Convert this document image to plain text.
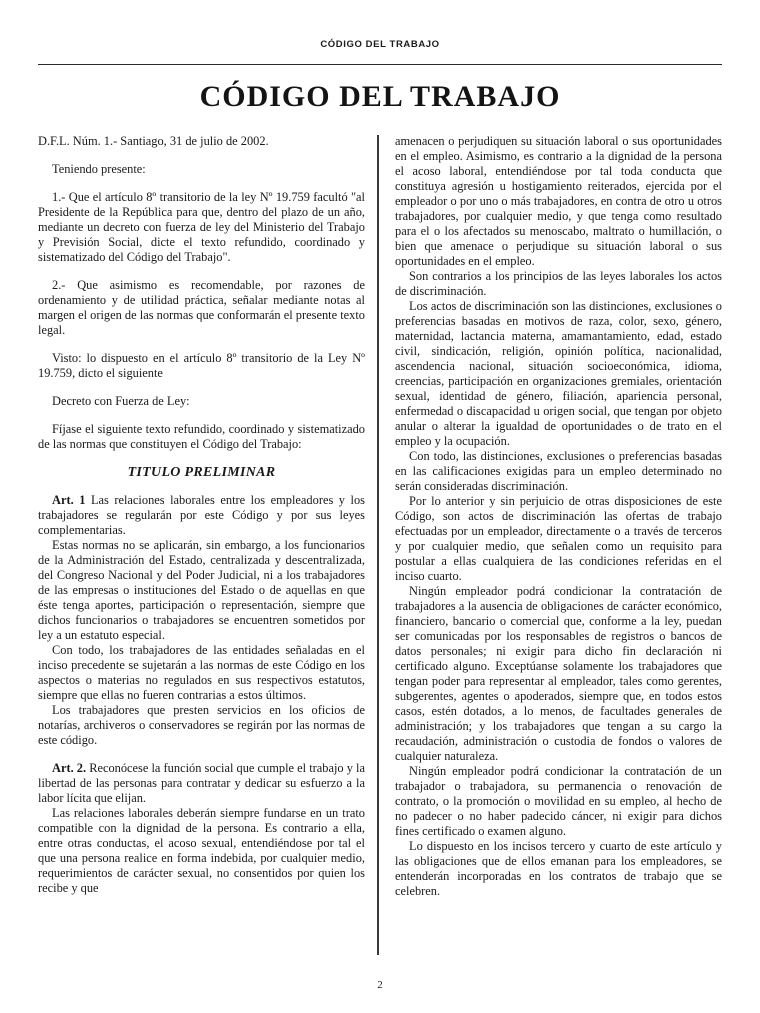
CÓDIGO DEL TRABAJO
CÓDIGO DEL TRABAJO

D.F.L. Núm. 1.- Santiago, 31 de julio de 2002.

Teniendo presente:

1.- Que el artículo 8º transitorio de la ley Nº 19.759 facultó "al Presidente de la República para que, dentro del plazo de un año, mediante un decreto con fuerza de ley del Ministerio del Trabajo y Previsión Social, dicte el texto refundido, coordinado y sistematizado del Código del Trabajo".

2.- Que asimismo es recomendable, por razones de ordenamiento y de utilidad práctica, señalar mediante notas al margen el origen de las normas que conformarán el presente texto legal.

Visto: lo dispuesto en el artículo 8º transitorio de la Ley Nº 19.759, dicto el siguiente

Decreto con Fuerza de Ley:

Fíjase el siguiente texto refundido, coordinado y sistematizado de las normas que constituyen el Código del Trabajo:

TITULO PRELIMINAR

Art. 1 Las relaciones laborales entre los empleadores y los trabajadores se regularán por este Código y por sus leyes complementarias.

Estas normas no se aplicarán, sin embargo, a los funcionarios de la Administración del Estado, centralizada y descentralizada, del Congreso Nacional y del Poder Judicial, ni a los trabajadores de las empresas o instituciones del Estado o de aquellas en que éste tenga aportes, participación o representación, siempre que dichos funcionarios o trabajadores se encuentren sometidos por ley a un estatuto especial.

Con todo, los trabajadores de las entidades señaladas en el inciso precedente se sujetarán a las normas de este Código en los aspectos o materias no regulados en sus respectivos estatutos, siempre que ellas no fueren contrarias a estos últimos.

Los trabajadores que presten servicios en los oficios de notarías, archiveros o conservadores se regirán por las normas de este código.

Art. 2. Reconócese la función social que cumple el trabajo y la libertad de las personas para contratar y dedicar su esfuerzo a la labor lícita que elijan.

Las relaciones laborales deberán siempre fundarse en un trato compatible con la dignidad de la persona. Es contrario a ella, entre otras conductas, el acoso sexual, entendiéndose por tal el que una persona realice en forma indebida, por cualquier medio, requerimientos de carácter sexual, no consentidos por quien los recibe y que

amenacen o perjudiquen su situación laboral o sus oportunidades en el empleo. Asimismo, es contrario a la dignidad de la persona el acoso laboral, entendiéndose por tal toda conducta que constituya agresión u hostigamiento reiterados, ejercida por el empleador o por uno o más trabajadores, en contra de otro u otros trabajadores, por cualquier medio, y que tenga como resultado para el o los afectados su menoscabo, maltrato o humillación, o bien que amenace o perjudique su situación laboral o sus oportunidades en el empleo.

Son contrarios a los principios de las leyes laborales los actos de discriminación.

Los actos de discriminación son las distinciones, exclusiones o preferencias basadas en motivos de raza, color, sexo, género, maternidad, lactancia materna, amamantamiento, edad, estado civil, sindicación, religión, opinión política, nacionalidad, ascendencia nacional, situación socioeconómica, idioma, creencias, participación en organizaciones gremiales, orientación sexual, identidad de género, filiación, apariencia personal, enfermedad o discapacidad u origen social, que tengan por objeto anular o alterar la igualdad de oportunidades o de trato en el empleo y la ocupación.

Con todo, las distinciones, exclusiones o preferencias basadas en las calificaciones exigidas para un empleo determinado no serán consideradas discriminación.

Por lo anterior y sin perjuicio de otras disposiciones de este Código, son actos de discriminación las ofertas de trabajo efectuadas por un empleador, directamente o a través de terceros y por cualquier medio, que señalen como un requisito para postular a ellas cualquiera de las condiciones referidas en el inciso cuarto.

Ningún empleador podrá condicionar la contratación de trabajadores a la ausencia de obligaciones de carácter económico, financiero, bancario o comercial que, conforme a la ley, puedan ser comunicadas por los responsables de registros o bancos de datos personales; ni exigir para dicho fin declaración ni certificado alguno. Exceptúanse solamente los trabajadores que tengan poder para representar al empleador, tales como gerentes, subgerentes, agentes o apoderados, siempre que, en todos estos casos, estén dotados, a lo menos, de facultades generales de administración; y los trabajadores que tengan a su cargo la recaudación, administración o custodia de fondos o valores de cualquier naturaleza.

Ningún empleador podrá condicionar la contratación de un trabajador o trabajadora, su permanencia o renovación de contrato, o la promoción o movilidad en su empleo, al hecho de no padecer o no haber padecido cáncer, ni exigir para dichos fines certificado o examen alguno.

Lo dispuesto en los incisos tercero y cuarto de este artículo y las obligaciones que de ellos emanan para los empleadores, se entenderán incorporadas en los contratos de trabajo que se celebren.

2
